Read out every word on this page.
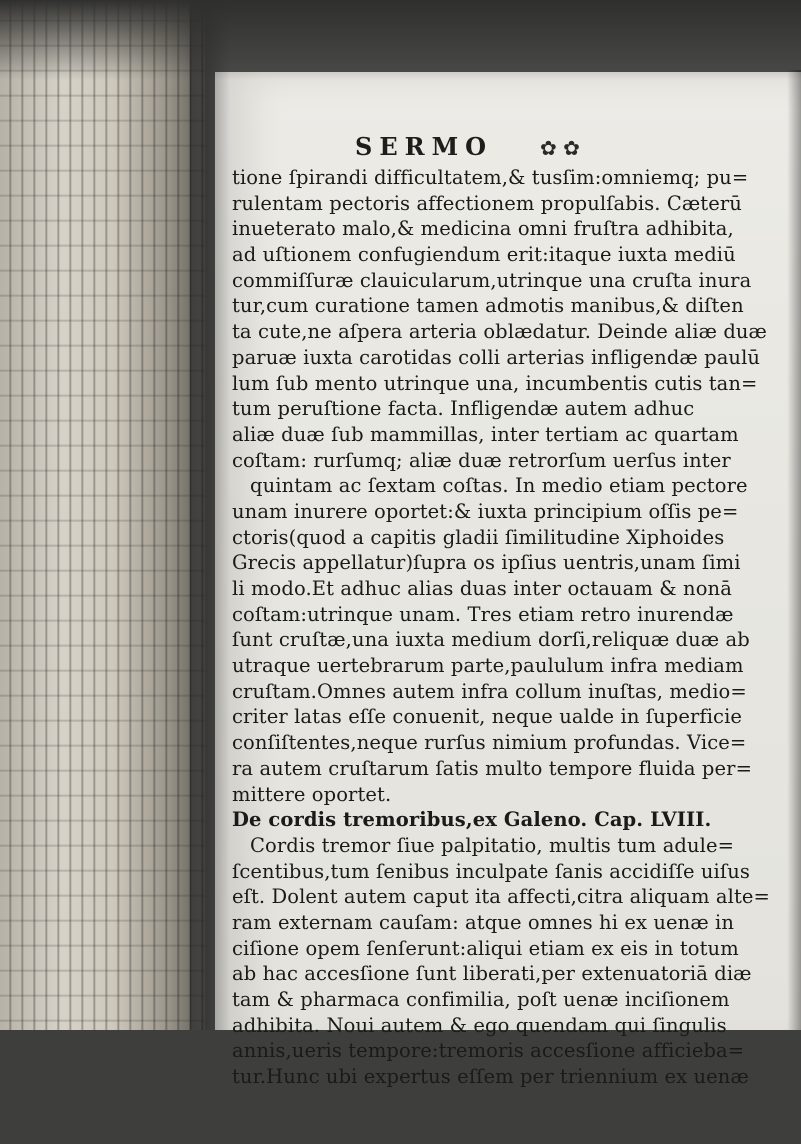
SERMO ✿ ✿
tione ſpirandi difficultatem,& tusſim:omniemq; pu=
rulentam pectoris affectionem propulſabis. Cæterū
inueterato malo,& medicina omni fruſtra adhibita,
ad uſtionem confugiendum erit:itaque iuxta mediū
commiſſuræ clauicularum,utrinque una cruſta inura
tur,cum curatione tamen admotis manibus,& diſten
ta cute,ne aſpera arteria oblædatur. Deinde aliæ duæ
paruæ iuxta carotidas colli arterias infligendæ paulū
lum ſub mento utrinque una, incumbentis cutis tan=
tum peruſtione facta. Infligendæ autem adhuc
aliæ duæ ſub mammillas, inter tertiam ac quartam
coſtam: rurſumq; aliæ duæ retrorſum uerſus inter
quintam ac ſextam coſtas. In medio etiam pectore
unam inurere oportet:& iuxta principium oſſis pe=
ctoris(quod a capitis gladii ſimilitudine Xiphoides
Grecis appellatur)ſupra os ipſius uentris,unam ſimi
li modo.Et adhuc alias duas inter octauam & nonā
coſtam:utrinque unam. Tres etiam retro inurendæ
ſunt cruſtæ,una iuxta medium dorſi,reliquæ duæ ab
utraque uertebrarum parte,paululum infra mediam
cruſtam.Omnes autem infra collum inuſtas, medio=
criter latas eſſe conuenit, neque ualde in ſuperficie
conſiſtentes,neque rurſus nimium profundas. Vice=
ra autem cruſtarum ſatis multo tempore fluida per=
mittere oportet.
De cordis tremoribus,ex Galeno. Cap. LVIII.
Cordis tremor ſiue palpitatio, multis tum adule=
ſcentibus,tum ſenibus inculpate ſanis accidiſſe uiſus
eſt. Dolent autem caput ita affecti,citra aliquam alte=
ram externam cauſam: atque omnes hi ex uenæ in
ciſione opem ſenſerunt:aliqui etiam ex eis in totum
ab hac accesſione ſunt liberati,per extenuatoriā diæ
tam & pharmaca confimilia, poſt uenæ inciſionem
adhibita. Noui autem & ego quendam qui ſingulis
annis,ueris tempore:tremoris accesſione afficieba=
tur.Hunc ubi expertus eſſem per triennium ex uenæ
